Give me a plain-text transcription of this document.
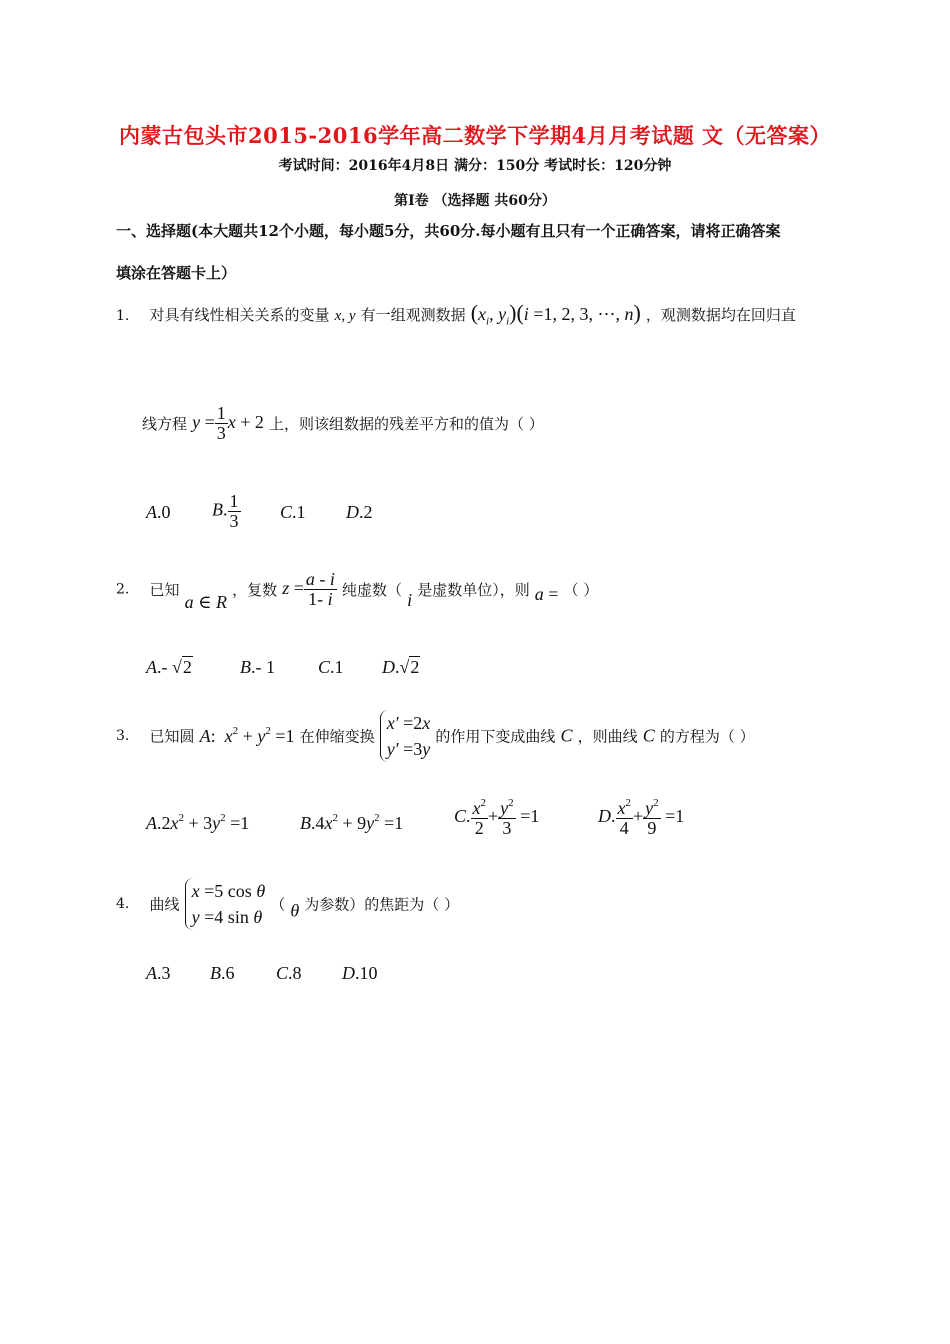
内蒙古包头市2015-2016学年高二数学下学期4月月考试题 文（无答案）
考试时间：2016年4月8日 满分：150分 考试时长：120分钟
第Ⅰ卷 （选择题 共60分）
一、选择题(本大题共12个小题，每小题5分，共60分.每小题有且只有一个正确答案，请将正确答案
填涂在答题卡上）
1. 对具有线性相关关系的变量 x, y 有一组观测数据 ($x_i$, $y_i)(i =1$, 2, 3, ⋯, n) ，观测数据均在回归直
线方程 $y = \frac{1}{3}$ x + 2 上，则该组数据的残差平方和的值为（ ）
A.0 B. $\frac{1}{3} C.1$ D.2
2. 已知 a ∈ R ，复数 $z = \frac{a - i}{1- i}$ 纯虚数（ i 是虚数单位），则 a = （ ）
A.- √2	B.- 1 C.1 D.√2
3. 已知圆 A:  $x^2 + y^2 =1$ 在伸缩变换 x′ =2x
y′ =3y 的作用下变成曲线 C ，则曲线 C 的方程为（ ）
$A.2x^2 + 3y^2 =1$	$B.4x^2 + 9y^2 =1$	C. $\frac{x^2}{2} + \frac{y^2}{3} =1$	D. $\frac{x^2}{4} + \frac{y^2}{9} =1$
4. 曲线 x =5 cos θ
y =4 sin θ （ θ 为参数）的焦距为（ ）
A.3 B.6 C.8 D.10
